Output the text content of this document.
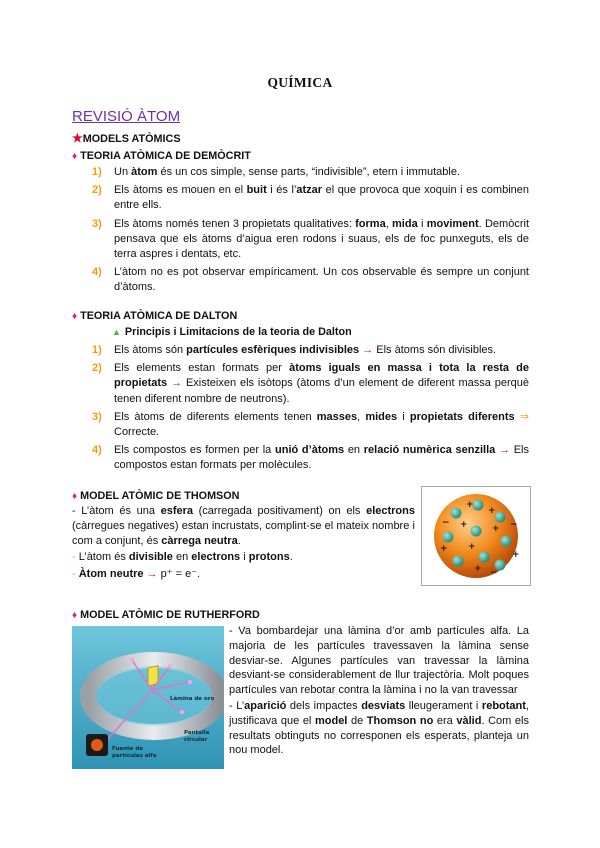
QUÍMICA
REVISIÓ ÀTOM
★MODELS ATÒMICS
♦ TEORIA ATÒMICA DE DEMÒCRIT
1) Un àtom és un cos simple, sense parts, “indivisible”, etern i immutable.
2) Els àtoms es mouen en el buit i és l’atzar el que provoca que xoquin i es combinen entre ells.
3) Els àtoms només tenen 3 propietats qualitatives: forma, mida i moviment. Demòcrit pensava que els àtoms d’aigua eren rodons i suaus, els de foc punxeguts, els de terra aspres i dentats, etc.
4) L’àtom no es pot observar empíricament. Un cos observable és sempre un conjunt d’àtoms.
♦ TEORIA ATÒMICA DE DALTON
▲ Principis i Limitacions de la teoria de Dalton
1) Els àtoms són partícules esfèriques indivisibles → Els àtoms són divisibles.
2) Els elements estan formats per àtoms iguals en massa i tota la resta de propietats → Existeixen els isòtops (àtoms d’un element de diferent massa perquè tenen diferent nombre de neutrons).
3) Els àtoms de diferents elements tenen masses, mides i propietats diferents ⇒ Correcte.
4) Els compostos es formen per la unió d’àtoms en relació numèrica senzilla → Els compostos estan formats per molècules.
♦ MODEL ATÒMIC DE THOMSON
- L’àtom és una esfera (carregada positivament) on els electrons (càrregues negatives) estan incrustats, complint-se el mateix nombre i com a conjunt, és càrrega neutra.
- L’àtom és divisible en electrons i protons.
- Àtom neutre → p⁺ = e⁻.
+
+
+	+
+ +
+
+
−	−
−
♦ MODEL ATÒMIC DE RUTHERFORD
Làmina de oro
Pantalla
circular
Fuente de
partículas alfa
- Va bombardejar una làmina d’or amb partícules alfa. La majoria de les partícules travessaven la làmina sense desviar-se. Algunes partícules van travessar la làmina desviant-se considerablement de llur trajectòria. Molt poques partícules van rebotar contra la làmina i no la van travessar
- L’aparició dels impactes desviats lleugerament i rebotant, justificava que el model de Thomson no era vàlid. Com els resultats obtinguts no corresponen els esperats, planteja un nou model.
